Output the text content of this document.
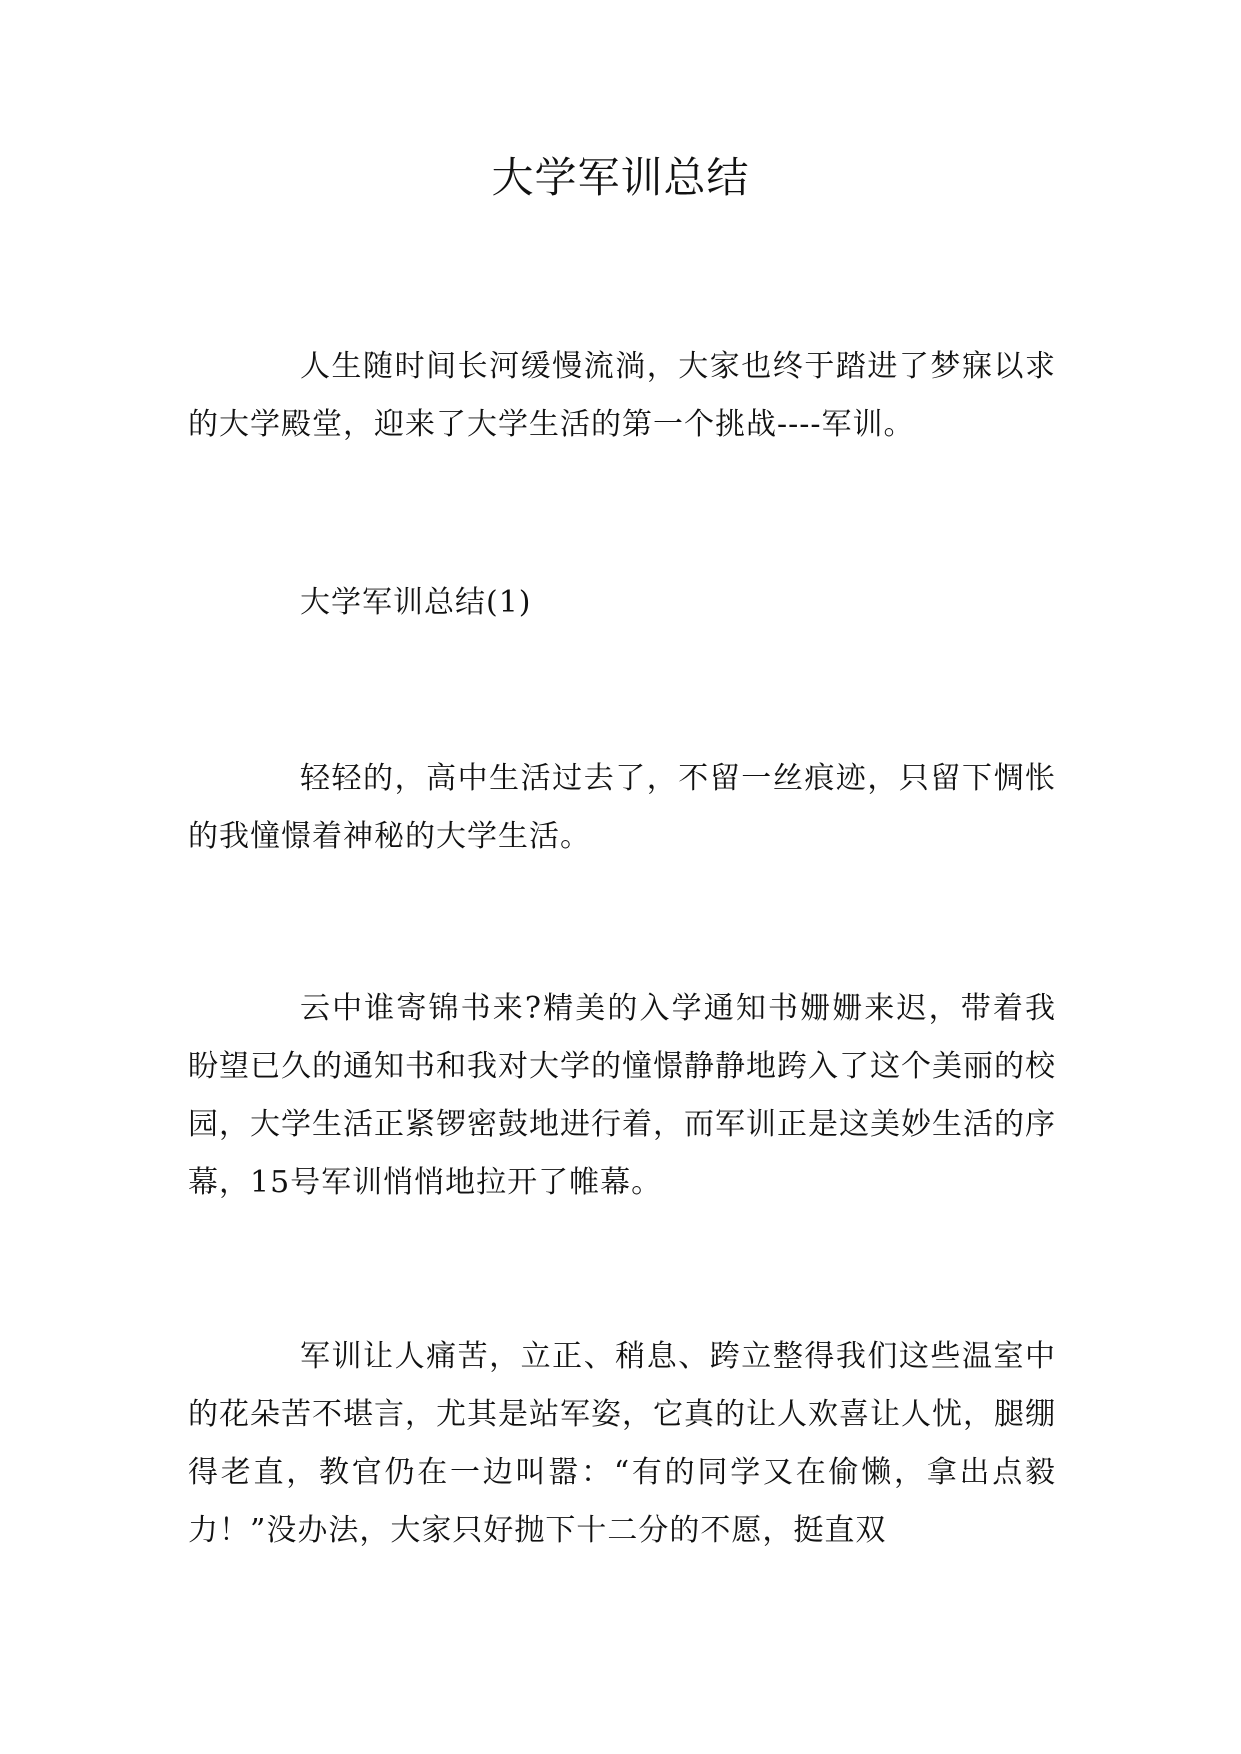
大学军训总结

人生随时间长河缓慢流淌，大家也终于踏进了梦寐以求的大学殿堂，迎来了大学生活的第一个挑战----军训。

大学军训总结(1)

轻轻的，高中生活过去了，不留一丝痕迹，只留下惆怅的我憧憬着神秘的大学生活。

云中谁寄锦书来?精美的入学通知书姗姗来迟，带着我盼望已久的通知书和我对大学的憧憬静静地跨入了这个美丽的校园，大学生活正紧锣密鼓地进行着，而军训正是这美妙生活的序幕，15号军训悄悄地拉开了帷幕。

军训让人痛苦，立正、稍息、跨立整得我们这些温室中的花朵苦不堪言，尤其是站军姿，它真的让人欢喜让人忧，腿绷得老直，教官仍在一边叫嚣：“有的同学又在偷懒，拿出点毅力！”没办法，大家只好抛下十二分的不愿，挺直双
